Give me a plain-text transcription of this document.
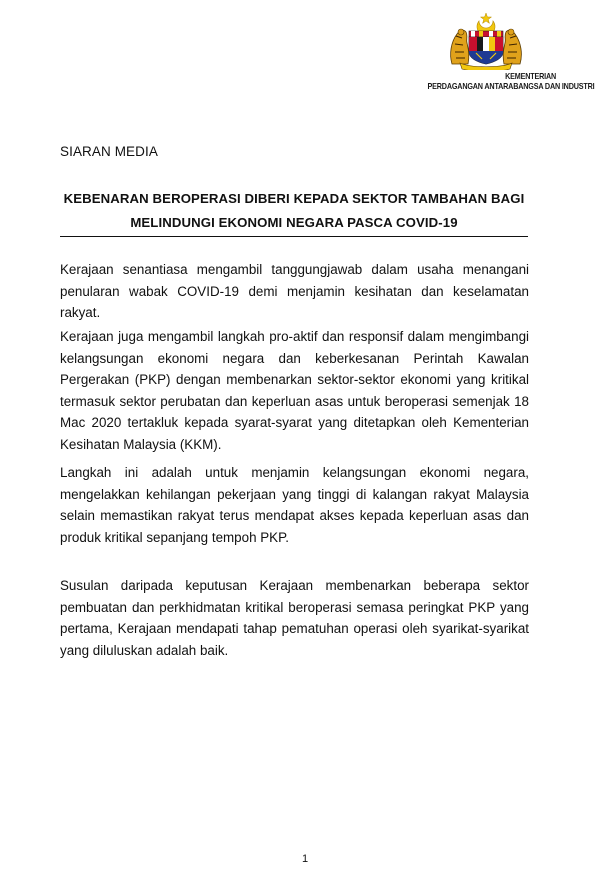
KEMENTERIAN
PERDAGANGAN ANTARABANGSA DAN INDUSTRI
SIARAN MEDIA
KEBENARAN BEROPERASI DIBERI KEPADA SEKTOR TAMBAHAN BAGI
MELINDUNGI EKONOMI NEGARA PASCA COVID-19
Kerajaan senantiasa mengambil tanggungjawab dalam usaha menangani penularan wabak COVID-19 demi menjamin kesihatan dan keselamatan rakyat.
Kerajaan juga mengambil langkah pro-aktif dan responsif dalam mengimbangi kelangsungan ekonomi negara dan keberkesanan Perintah Kawalan Pergerakan (PKP) dengan membenarkan sektor-sektor ekonomi yang kritikal termasuk sektor perubatan dan keperluan asas untuk beroperasi semenjak 18 Mac 2020 tertakluk kepada syarat-syarat yang ditetapkan oleh Kementerian Kesihatan Malaysia (KKM).
Langkah ini adalah untuk menjamin kelangsungan ekonomi negara, mengelakkan kehilangan pekerjaan yang tinggi di kalangan rakyat Malaysia selain memastikan rakyat terus mendapat akses kepada keperluan asas dan produk kritikal sepanjang tempoh PKP.
Susulan daripada keputusan Kerajaan membenarkan beberapa sektor pembuatan dan perkhidmatan kritikal beroperasi semasa peringkat PKP yang pertama, Kerajaan mendapati tahap pematuhan operasi oleh syarikat-syarikat yang diluluskan adalah baik.
1
